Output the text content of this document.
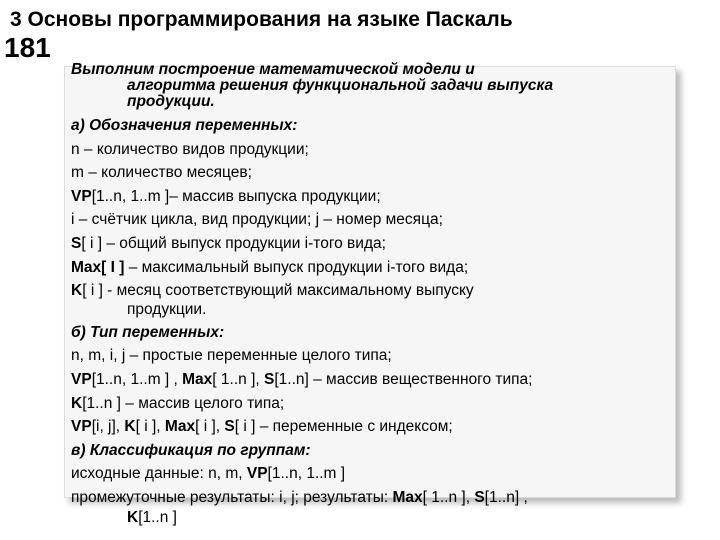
3 Основы программирования на языке Паскаль
181
Выполним построение математической модели и
алгоритма решения функциональной задачи выпуска
продукции.
а) Обозначения переменных:
n – количество видов продукции;
m – количество месяцев;
VP[1..n, 1..m ]– массив выпуска продукции;
i – счётчик цикла, вид продукции; j – номер месяца;
S[ i ] – общий выпуск продукции i-того вида;
Max[ I ] – максимальный выпуск продукции i-того вида;
K[ i ] - месяц соответствующий максимальному выпуску
продукции.
б) Тип переменных:
n, m, i, j – простые переменные целого типа;
VP[1..n, 1..m ] , Max[ 1..n ], S[1..n] – массив вещественного типа;
K[1..n ] – массив целого типа;
VP[i, j], K[ i ], Max[ i ], S[ i ] – переменные с индексом;
в) Классификация по группам:
исходные данные: n, m, VP[1..n, 1..m ]
промежуточные результаты: i, j; результаты: Max[ 1..n ], S[1..n] ,
K[1..n ]
